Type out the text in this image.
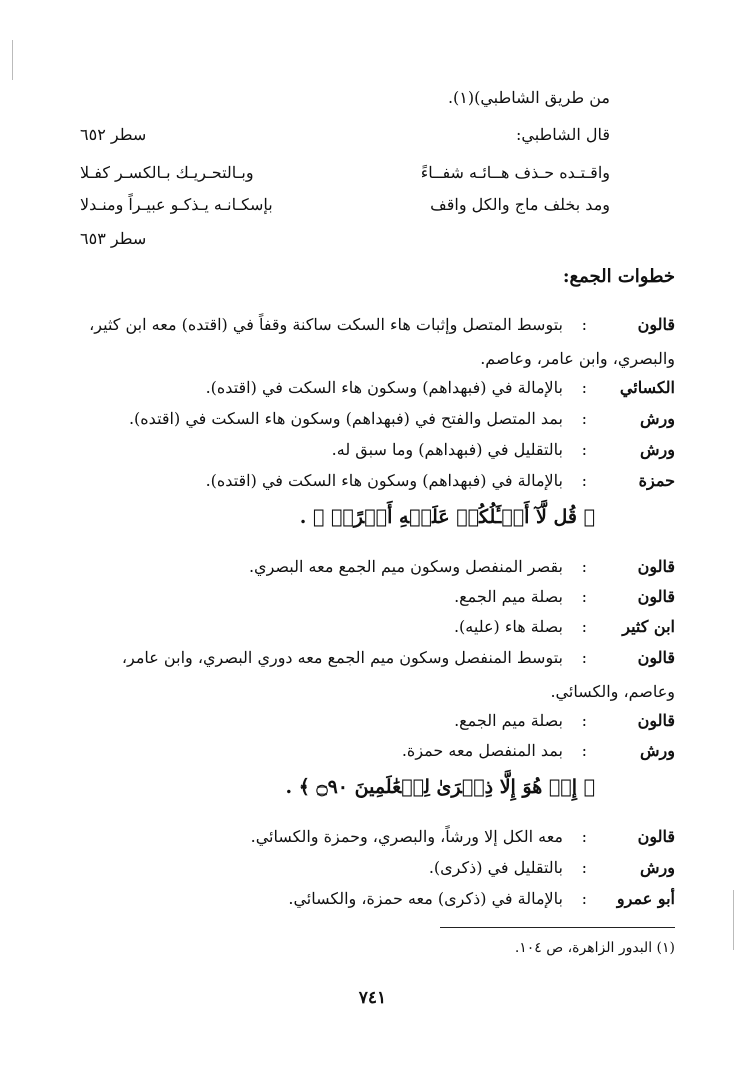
من طريق الشاطبي)(١).
قال الشاطبي:
سطر ٦٥٢
واقـتـده حـذف هــائـه شفــاءً
وبـالتحـريـك بـالكسـر كفـلا
ومد بخلف ماج والكل واقف
بإسكـانـه يـذكـو عبيـراً ومنـدلا
سطر ٦٥٣
خطوات الجمع:
قالون
:
بتوسط المتصل وإثبات هاء السكت ساكنة وقفاً في (اقتده) معه ابن كثير،
والبصري، وابن عامر، وعاصم.
الكسائي
:
بالإمالة في (فبهداهم) وسكون هاء السكت في (اقتده).
ورش
:
بمد المتصل والفتح في (فبهداهم) وسكون هاء السكت في (اقتده).
ورش
:
بالتقليل في (فبهداهم) وما سبق له.
حمزة
:
بالإمالة في (فبهداهم) وسكون هاء السكت في (اقتده).
﴿ قُل لَّآ أَسۡـَٔلُكُمۡ عَلَيۡهِ أَجۡرًاۖ ﴾ .
قالون
:
بقصر المنفصل وسكون ميم الجمع معه البصري.
قالون
:
بصلة ميم الجمع.
ابن كثير
:
بصلة هاء (عليه).
قالون
:
بتوسط المنفصل وسكون ميم الجمع معه دوري البصري، وابن عامر،
وعاصم، والكسائي.
قالون
:
بصلة ميم الجمع.
ورش
:
بمد المنفصل معه حمزة.
﴿ إِنۡ هُوَ إِلَّا ذِكۡرَىٰ لِلۡعَٰلَمِينَ ۝٩٠ ﴾ .
قالون
:
معه الكل إلا ورشاً، والبصري، وحمزة والكسائي.
ورش
:
بالتقليل في (ذكرى).
أبو عمرو
:
بالإمالة في (ذكرى) معه حمزة، والكسائي.
(١) البدور الزاهرة، ص ١٠٤.
٧٤١
